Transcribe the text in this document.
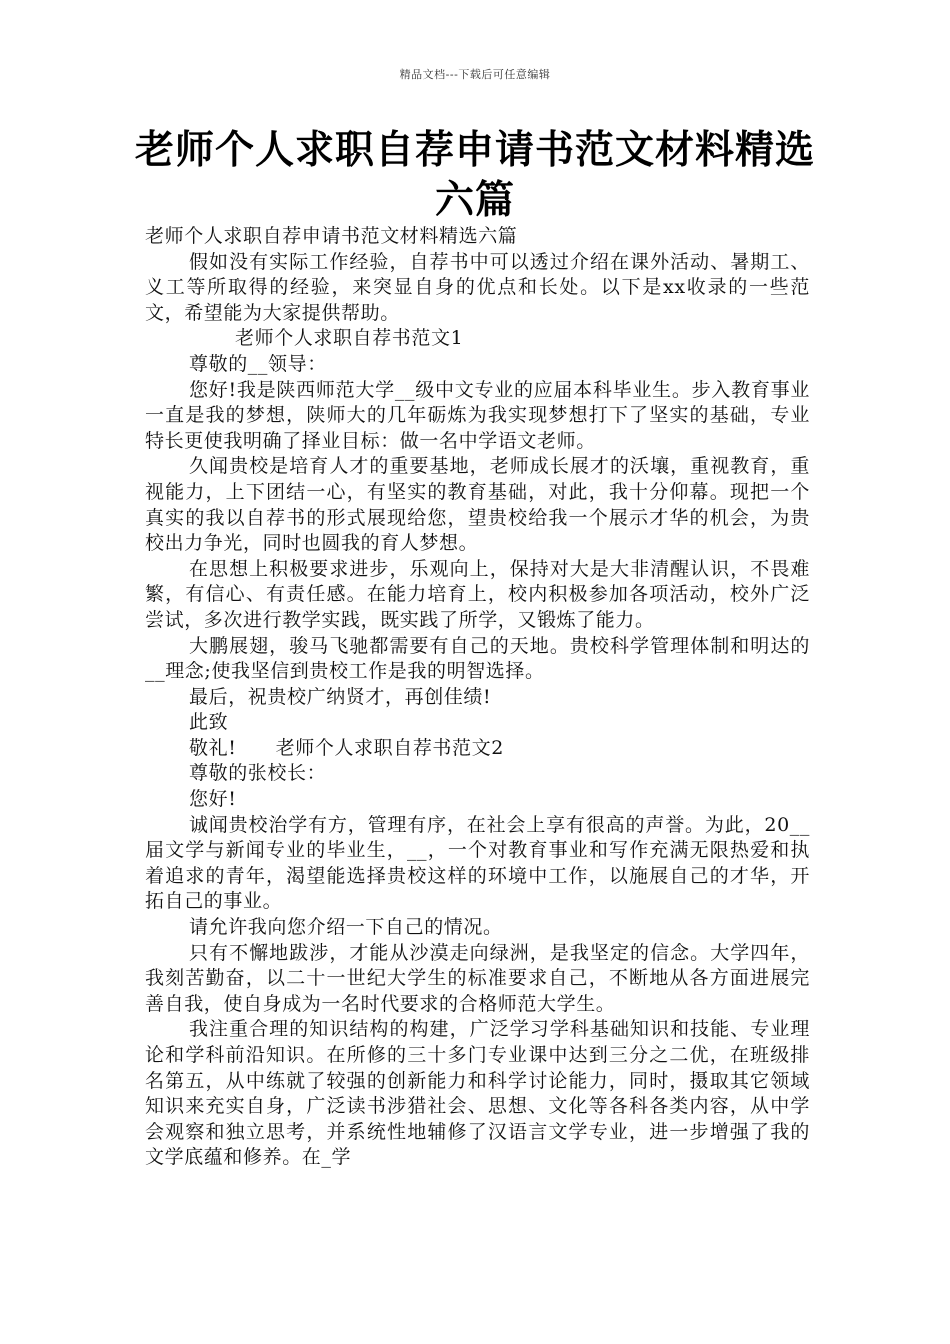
精品文档---下载后可任意编辑
老师个人求职自荐申请书范文材料精选六篇

老师个人求职自荐申请书范文材料精选六篇

假如没有实际工作经验，自荐书中可以透过介绍在课外活动、暑期工、义工等所取得的经验，来突显自身的优点和长处。以下是xx收录的一些范文，希望能为大家提供帮助。

老师个人求职自荐书范文1

尊敬的__领导：

您好!我是陕西师范大学__级中文专业的应届本科毕业生。步入教育事业一直是我的梦想，陕师大的几年砺炼为我实现梦想打下了坚实的基础，专业特长更使我明确了择业目标：做一名中学语文老师。

久闻贵校是培育人才的重要基地，老师成长展才的沃壤，重视教育，重视能力，上下团结一心，有坚实的教育基础，对此，我十分仰幕。现把一个真实的我以自荐书的形式展现给您，望贵校给我一个展示才华的机会，为贵校出力争光，同时也圆我的育人梦想。

在思想上积极要求进步，乐观向上，保持对大是大非清醒认识，不畏难繁，有信心、有责任感。在能力培育上，校内积极参加各项活动，校外广泛尝试，多次进行教学实践，既实践了所学，又锻炼了能力。

大鹏展翅，骏马飞驰都需要有自己的天地。贵校科学管理体制和明达的__理念;使我坚信到贵校工作是我的明智选择。

最后，祝贵校广纳贤才，再创佳绩!

此致

敬礼!　　老师个人求职自荐书范文2

尊敬的张校长：

您好!

诚闻贵校治学有方，管理有序，在社会上享有很高的声誉。为此，20__届文学与新闻专业的毕业生，__，一个对教育事业和写作充满无限热爱和执着追求的青年，渴望能选择贵校这样的环境中工作，以施展自己的才华，开拓自己的事业。

请允许我向您介绍一下自己的情况。

只有不懈地跋涉，才能从沙漠走向绿洲，是我坚定的信念。大学四年，我刻苦勤奋，以二十一世纪大学生的标准要求自己，不断地从各方面进展完善自我，使自身成为一名时代要求的合格师范大学生。

我注重合理的知识结构的构建，广泛学习学科基础知识和技能、专业理论和学科前沿知识。在所修的三十多门专业课中达到三分之二优，在班级排名第五，从中练就了较强的创新能力和科学讨论能力，同时，摄取其它领域知识来充实自身，广泛读书涉猎社会、思想、文化等各科各类内容，从中学会观察和独立思考，并系统性地辅修了汉语言文学专业，进一步增强了我的文学底蕴和修养。在_学
